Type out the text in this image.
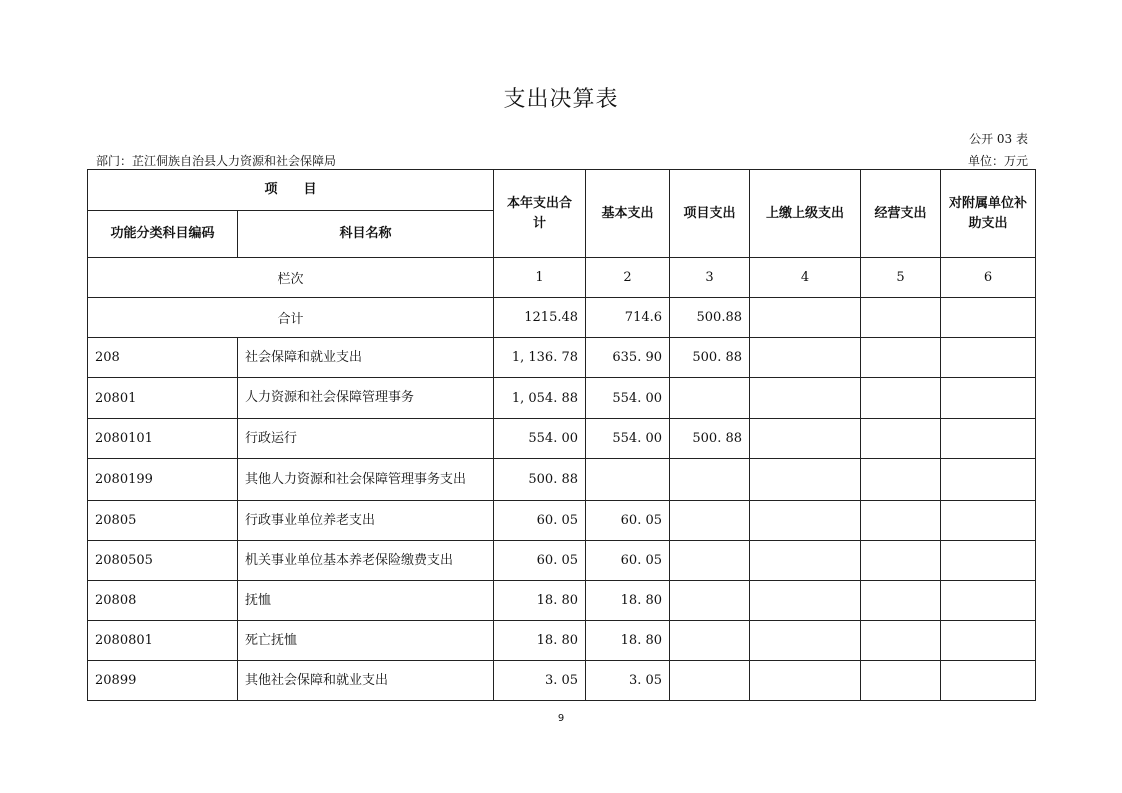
支出决算表
公开 03 表
部门：芷江侗族自治县人力资源和社会保障局	单位：万元
项　　目		本年支出合计	基本支出	项目支出	上缴上级支出	经营支出	对附属单位补助支出
功能分类科目编码	科目名称						
栏次		1	2	3	4	5	6
合计		1215.48	714.6	500.88			
208	社会保障和就业支出	1, 136. 78	635. 90	500. 88			
20801	人力资源和社会保障管理事务	1, 054. 88	554. 00				
2080101	行政运行	554. 00	554. 00	500. 88			
2080199	其他人力资源和社会保障管理事务支出	500. 88					
20805	行政事业单位养老支出	60. 05	60. 05				
2080505	机关事业单位基本养老保险缴费支出	60. 05	60. 05				
20808	抚恤	18. 80	18. 80				
2080801	死亡抚恤	18. 80	18. 80				
20899	其他社会保障和就业支出	3. 05	3. 05				
9
